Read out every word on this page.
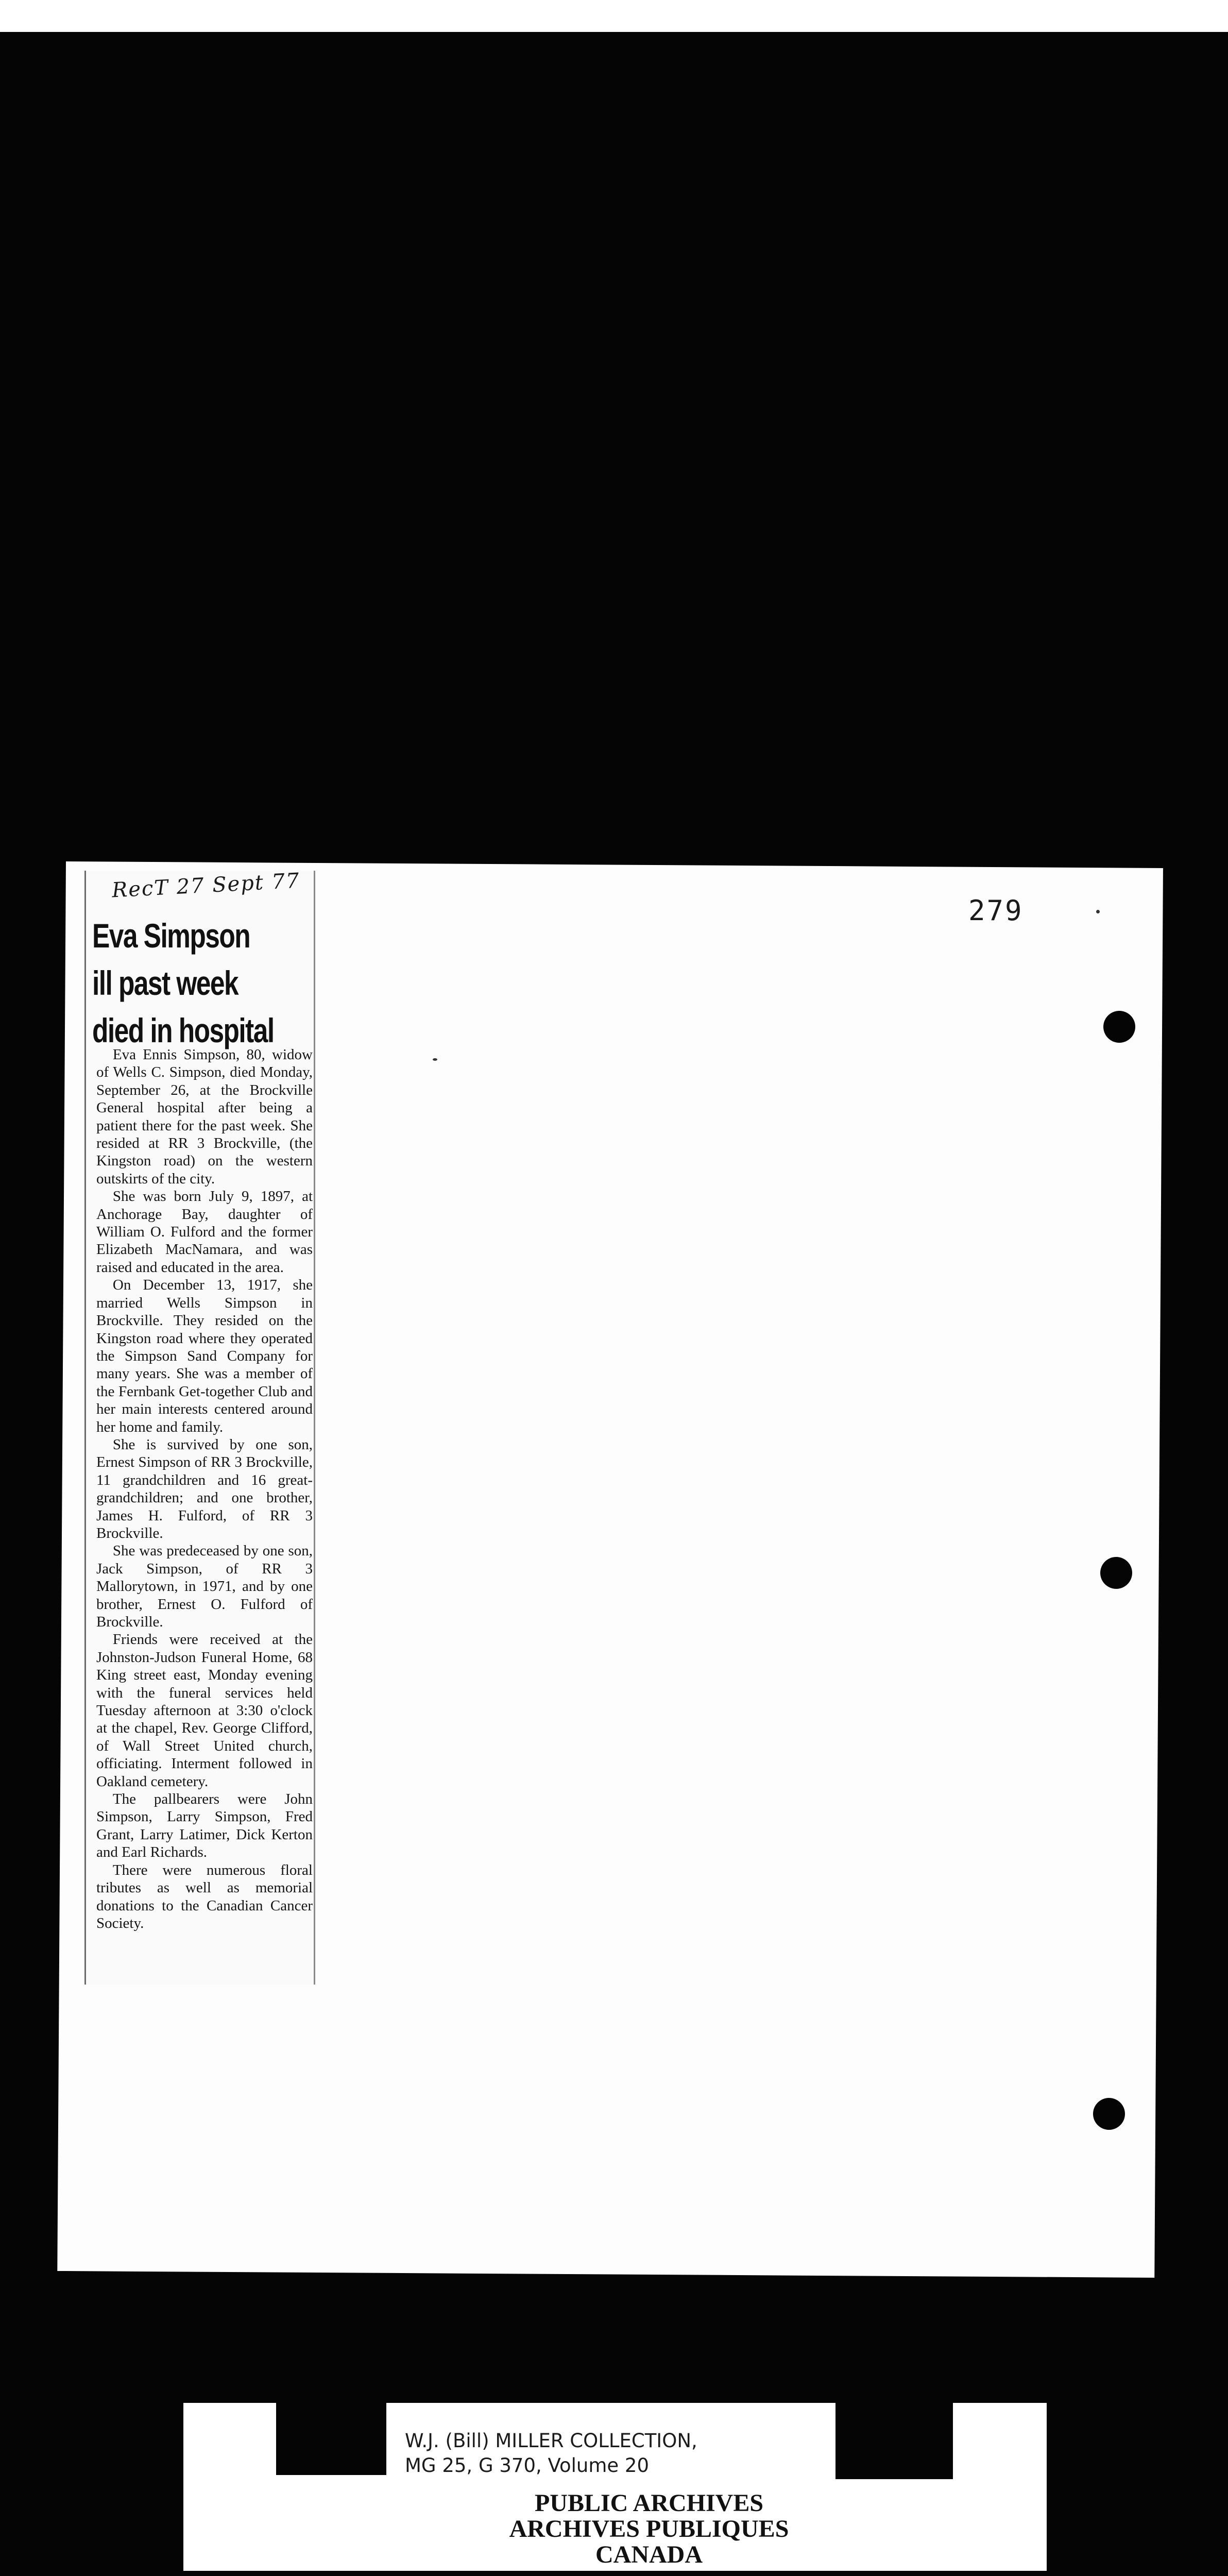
279
RecT 27 Sept 77
Eva Simpson
ill past week
died in hospital

Eva Ennis Simpson, 80, widow of Wells C. Simpson, died Monday, September 26, at the Brockville General hospital after being a patient there for the past week. She resided at RR 3 Brockville, (the Kingston road) on the western outskirts of the city.

She was born July 9, 1897, at Anchorage Bay, daughter of William O. Fulford and the former Elizabeth MacNamara, and was raised and educated in the area.

On December 13, 1917, she married Wells Simpson in Brockville. They resided on the Kingston road where they operated the Simpson Sand Company for many years. She was a member of the Fernbank Get-together Club and her main interests centered around her home and family.

She is survived by one son, Ernest Simpson of RR 3 Brockville, 11 grandchildren and 16 great-grandchildren; and one brother, James H. Fulford, of RR 3 Brockville.

She was predeceased by one son, Jack Simpson, of RR 3 Mallorytown, in 1971, and by one brother, Ernest O. Fulford of Brockville.

Friends were received at the Johnston-Judson Funeral Home, 68 King street east, Monday evening with the funeral services held Tuesday afternoon at 3:30 o'clock at the chapel, Rev. George Clifford, of Wall Street United church, officiating. Interment followed in Oakland cemetery.

The pallbearers were John Simpson, Larry Simpson, Fred Grant, Larry Latimer, Dick Kerton and Earl Richards.

There were numerous floral tributes as well as memorial donations to the Canadian Cancer Society.

W.J. (Bill) MILLER COLLECTION,
MG 25, G 370, Volume 20
PUBLIC ARCHIVES
ARCHIVES PUBLIQUES
CANADA
